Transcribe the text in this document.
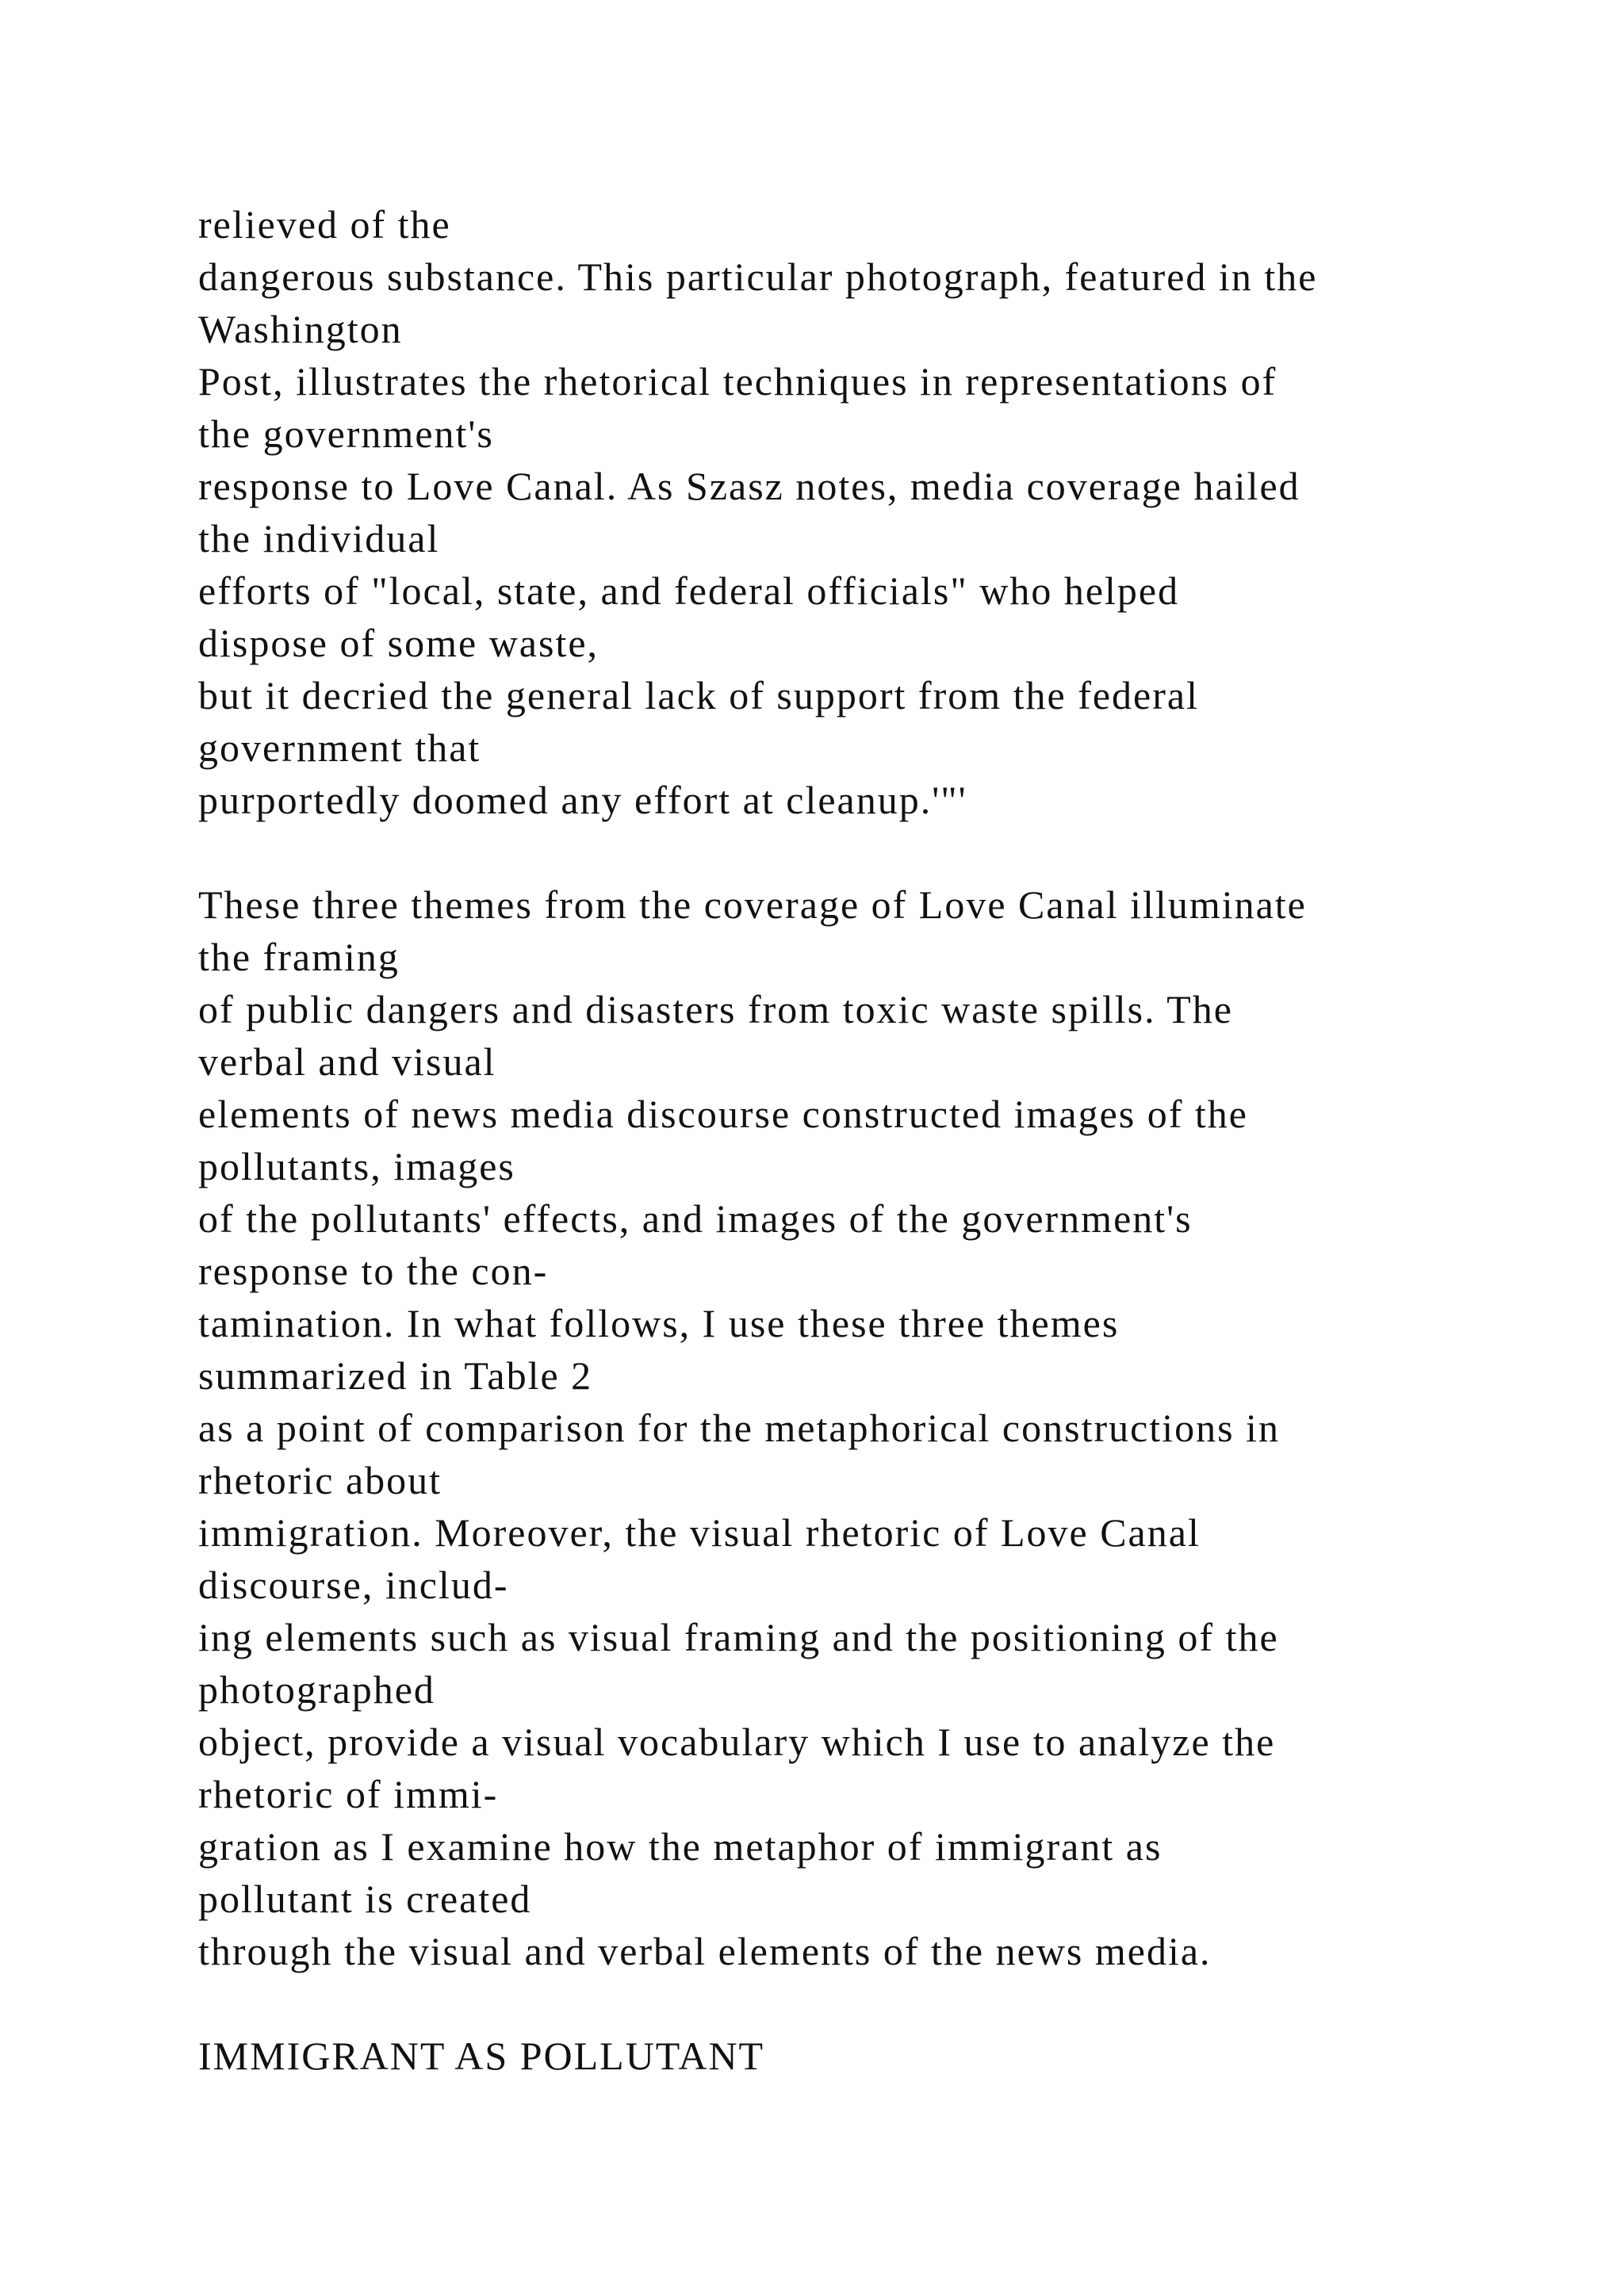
relieved of the
dangerous substance. This particular photograph, featured in the
Washington
Post, illustrates the rhetorical techniques in representations of
the government's
response to Love Canal. As Szasz notes, media coverage hailed
the individual
efforts of "local, state, and federal officials" who helped
dispose of some waste,
but it decried the general lack of support from the federal
government that
purportedly doomed any effort at cleanup.'"'
These three themes from the coverage of Love Canal illuminate
the framing
of public dangers and disasters from toxic waste spills. The
verbal and visual
elements of news media discourse constructed images of the
pollutants, images
of the pollutants' effects, and images of the government's
response to the con-
tamination. In what follows, I use these three themes
summarized in Table 2
as a point of comparison for the metaphorical constructions in
rhetoric about
immigration. Moreover, the visual rhetoric of Love Canal
discourse, includ-
ing elements such as visual framing and the positioning of the
photographed
object, provide a visual vocabulary which I use to analyze the
rhetoric of immi-
gration as I examine how the metaphor of immigrant as
pollutant is created
through the visual and verbal elements of the news media.
IMMIGRANT AS POLLUTANT
